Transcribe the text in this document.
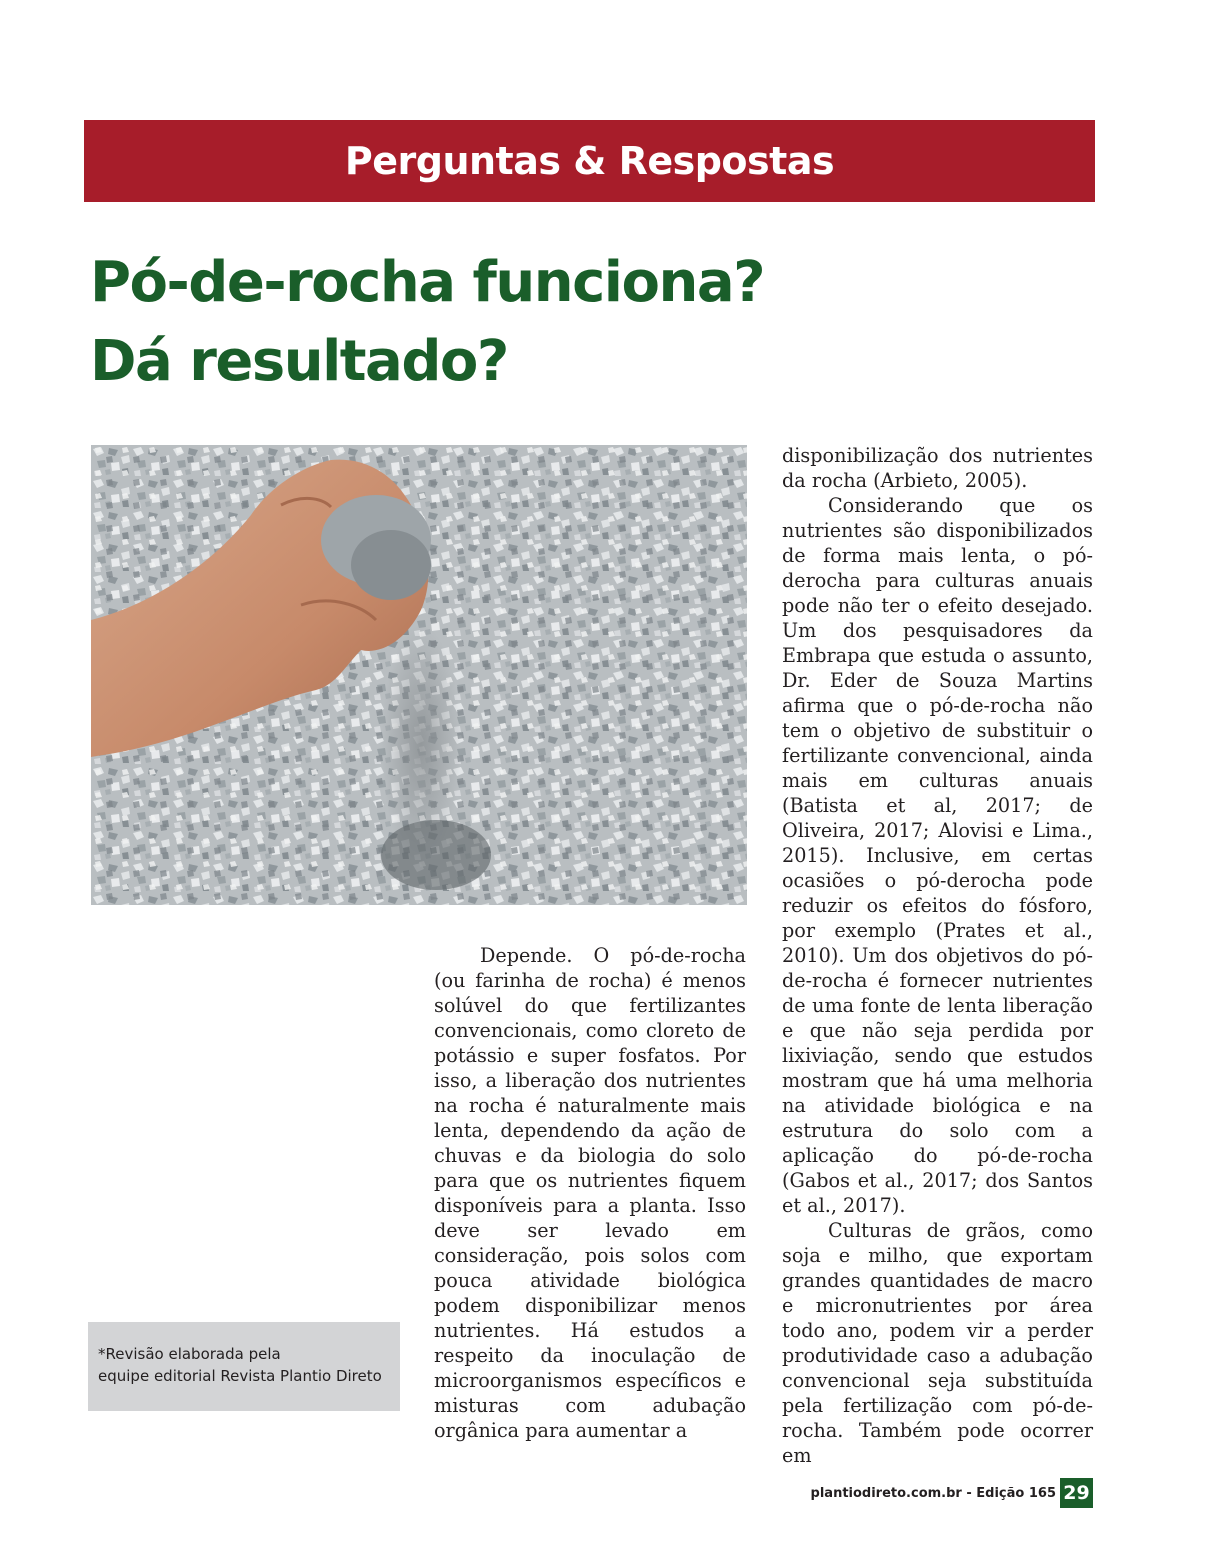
Perguntas & Respostas
Pó-de-rocha funciona?
Dá resultado?

Depende. O pó-de-rocha (ou farinha de rocha) é menos solúvel do que fertilizantes convencionais, como cloreto de potássio e super fosfatos. Por isso, a liberação dos nutrientes na rocha é naturalmente mais lenta, dependendo da ação de chuvas e da biologia do solo para que os nutrientes fiquem disponíveis para a planta. Isso deve ser levado em consideração, pois solos com pouca atividade biológica podem disponibilizar menos nutrientes. Há estudos a respeito da inoculação de microorganismos específicos e misturas com adubação orgânica para aumentar a

disponibilização dos nutrientes da rocha (Arbieto, 2005).

Considerando que os nutrientes são disponibilizados de forma mais lenta, o pó-derocha para culturas anuais pode não ter o efeito desejado. Um dos pesquisadores da Embrapa que estuda o assunto, Dr. Eder de Souza Martins afirma que o pó-de-rocha não tem o objetivo de substituir o fertilizante convencional, ainda mais em culturas anuais (Batista et al, 2017; de Oliveira, 2017; Alovisi e Lima., 2015). Inclusive, em certas ocasiões o pó-derocha pode reduzir os efeitos do fósforo, por exemplo (Prates et al., 2010). Um dos objetivos do pó-de-rocha é fornecer nutrientes de uma fonte de lenta liberação e que não seja perdida por lixiviação, sendo que estudos mostram que há uma melhoria na atividade biológica e na estrutura do solo com a aplicação do pó-de-rocha (Gabos et al., 2017; dos Santos et al., 2017).

Culturas de grãos, como soja e milho, que exportam grandes quantidades de macro e micronutrientes por área todo ano, podem vir a perder produtividade caso a adubação convencional seja substituída pela fertilização com pó-de-rocha. Também pode ocorrer em

*Revisão elaborada pela
equipe editorial Revista Plantio Direto
plantiodireto.com.br - Edição 165 29
